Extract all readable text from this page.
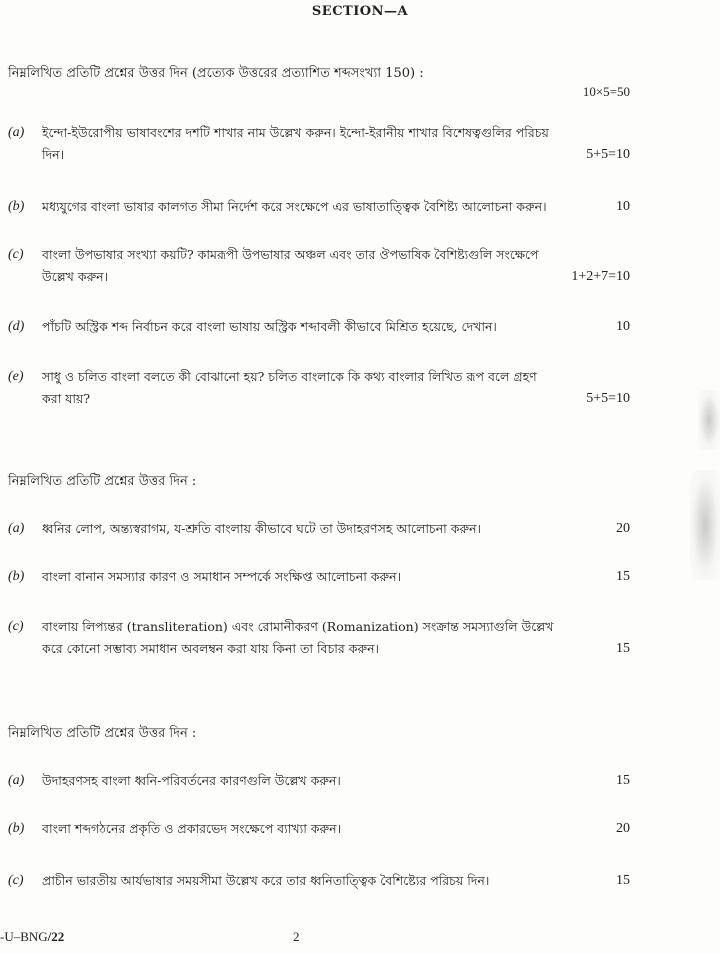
SECTION—A
নিম্নলিখিত প্রতিটি প্রশ্নের উত্তর দিন (প্রত্যেক উত্তরের প্রত্যাশিত শব্দসংখ্যা 150) :
10×5=50
(a)	ইন্দো-ইউরোপীয় ভাষাবংশের দশটি শাখার নাম উল্লেখ করুন। ইন্দো-ইরানীয় শাখার বিশেষত্বগুলির পরিচয়
দিন।	5+5=10
(b)	মধ্যযুগের বাংলা ভাষার কালগত সীমা নির্দেশ করে সংক্ষেপে এর ভাষাতাত্ত্বিক বৈশিষ্ট্য আলোচনা করুন।	10
(c)	বাংলা উপভাষার সংখ্যা কয়টি? কামরূপী উপভাষার অঞ্চল এবং তার ঔপভাষিক বৈশিষ্ট্যগুলি সংক্ষেপে
উল্লেখ করুন।	1+2+7=10
(d)	পাঁচটি অস্ট্রিক শব্দ নির্বাচন করে বাংলা ভাষায় অস্ট্রিক শব্দাবলী কীভাবে মিশ্রিত হয়েছে, দেখান।	10
(e)	সাধু ও চলিত বাংলা বলতে কী বোঝানো হয়? চলিত বাংলাকে কি কথ্য বাংলার লিখিত রূপ বলে গ্রহণ
করা যায়?	5+5=10
নিম্নলিখিত প্রতিটি প্রশ্নের উত্তর দিন :
(a)	ধ্বনির লোপ, অন্ত্যস্বরাগম, য-শ্রুতি বাংলায় কীভাবে ঘটে তা উদাহরণসহ আলোচনা করুন।	20
(b)	বাংলা বানান সমস্যার কারণ ও সমাধান সম্পর্কে সংক্ষিপ্ত আলোচনা করুন।	15
(c)	বাংলায় লিপ্যন্তর (transliteration) এবং রোমানীকরণ (Romanization) সংক্রান্ত সমস্যাগুলি উল্লেখ
করে কোনো সম্ভাব্য সমাধান অবলম্বন করা যায় কিনা তা বিচার করুন।	15
নিম্নলিখিত প্রতিটি প্রশ্নের উত্তর দিন :
(a)	উদাহরণসহ বাংলা ধ্বনি-পরিবর্তনের কারণগুলি উল্লেখ করুন।	15
(b)	বাংলা শব্দগঠনের প্রকৃতি ও প্রকারভেদ সংক্ষেপে ব্যাখ্যা করুন।	20
(c)	প্রাচীন ভারতীয় আর্যভাষার সময়সীমা উল্লেখ করে তার ধ্বনিতাত্ত্বিক বৈশিষ্ট্যের পরিচয় দিন।	15
-U–BNG/22	2
